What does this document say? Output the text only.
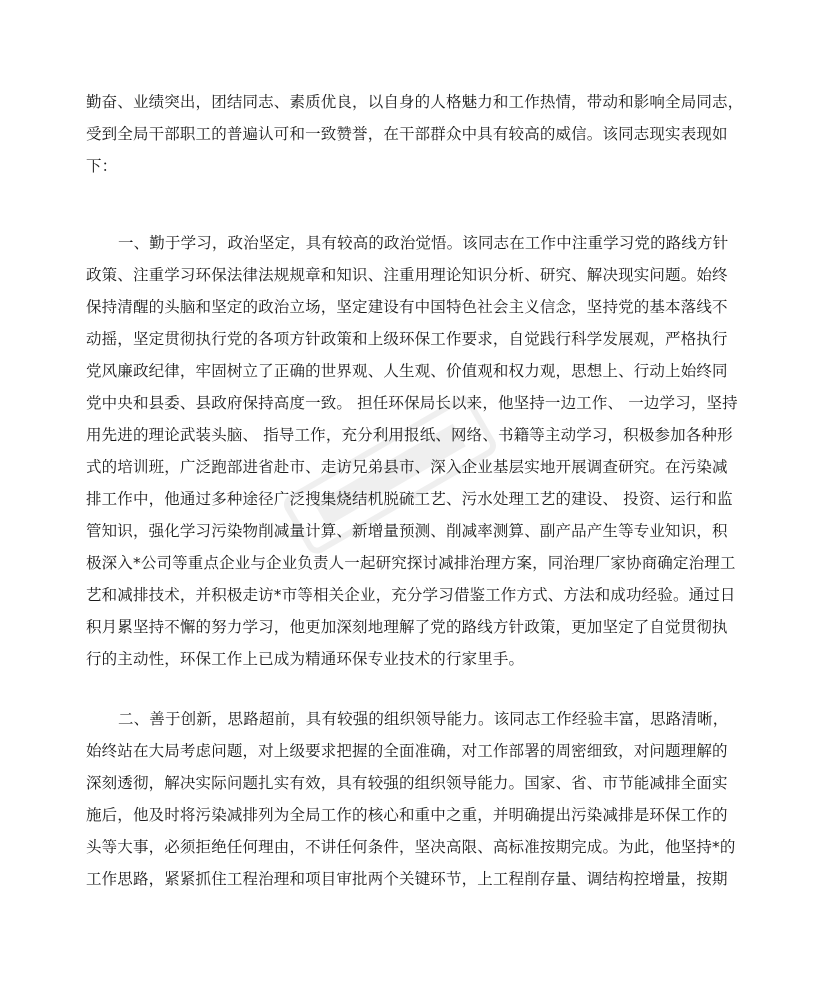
勤奋、业绩突出，团结同志、素质优良，以自身的人格魅力和工作热情，带动和影响全局同志，
受到全局干部职工的普遍认可和一致赞誉，在干部群众中具有较高的威信。该同志现实表现如
下：
一、勤于学习，政治坚定，具有较高的政治觉悟。该同志在工作中注重学习党的路线方针
政策、注重学习环保法律法规规章和知识、注重用理论知识分析、研究、解决现实问题。始终
保持清醒的头脑和坚定的政治立场，坚定建设有中国特色社会主义信念，坚持党的基本落线不
动摇，坚定贯彻执行党的各项方针政策和上级环保工作要求，自觉践行科学发展观，严格执行
党风廉政纪律，牢固树立了正确的世界观、人生观、价值观和权力观，思想上、行动上始终同
党中央和县委、县政府保持高度一致。 担任环保局长以来，他坚持一边工作、 一边学习，坚持
用先进的理论武装头脑、 指导工作，充分利用报纸、网络、书籍等主动学习，积极参加各种形
式的培训班，广泛跑部进省赴市、走访兄弟县市、深入企业基层实地开展调查研究。在污染减
排工作中，他通过多种途径广泛搜集烧结机脱硫工艺、污水处理工艺的建设、 投资、运行和监
管知识，强化学习污染物削减量计算、新增量预测、削减率测算、副产品产生等专业知识，积
极深入*公司等重点企业与企业负责人一起研究探讨减排治理方案，同治理厂家协商确定治理工
艺和减排技术，并积极走访*市等相关企业，充分学习借鉴工作方式、方法和成功经验。通过日
积月累坚持不懈的努力学习，他更加深刻地理解了党的路线方针政策，更加坚定了自觉贯彻执
行的主动性，环保工作上已成为精通环保专业技术的行家里手。
二、善于创新，思路超前，具有较强的组织领导能力。该同志工作经验丰富，思路清晰，
始终站在大局考虑问题，对上级要求把握的全面准确，对工作部署的周密细致，对问题理解的
深刻透彻，解决实际问题扎实有效，具有较强的组织领导能力。国家、省、市节能减排全面实
施后，他及时将污染减排列为全局工作的核心和重中之重，并明确提出污染减排是环保工作的
头等大事，必须拒绝任何理由，不讲任何条件，坚决高限、高标准按期完成。为此，他坚持*的
工作思路，紧紧抓住工程治理和项目审批两个关键环节，上工程削存量、调结构控增量，按期
